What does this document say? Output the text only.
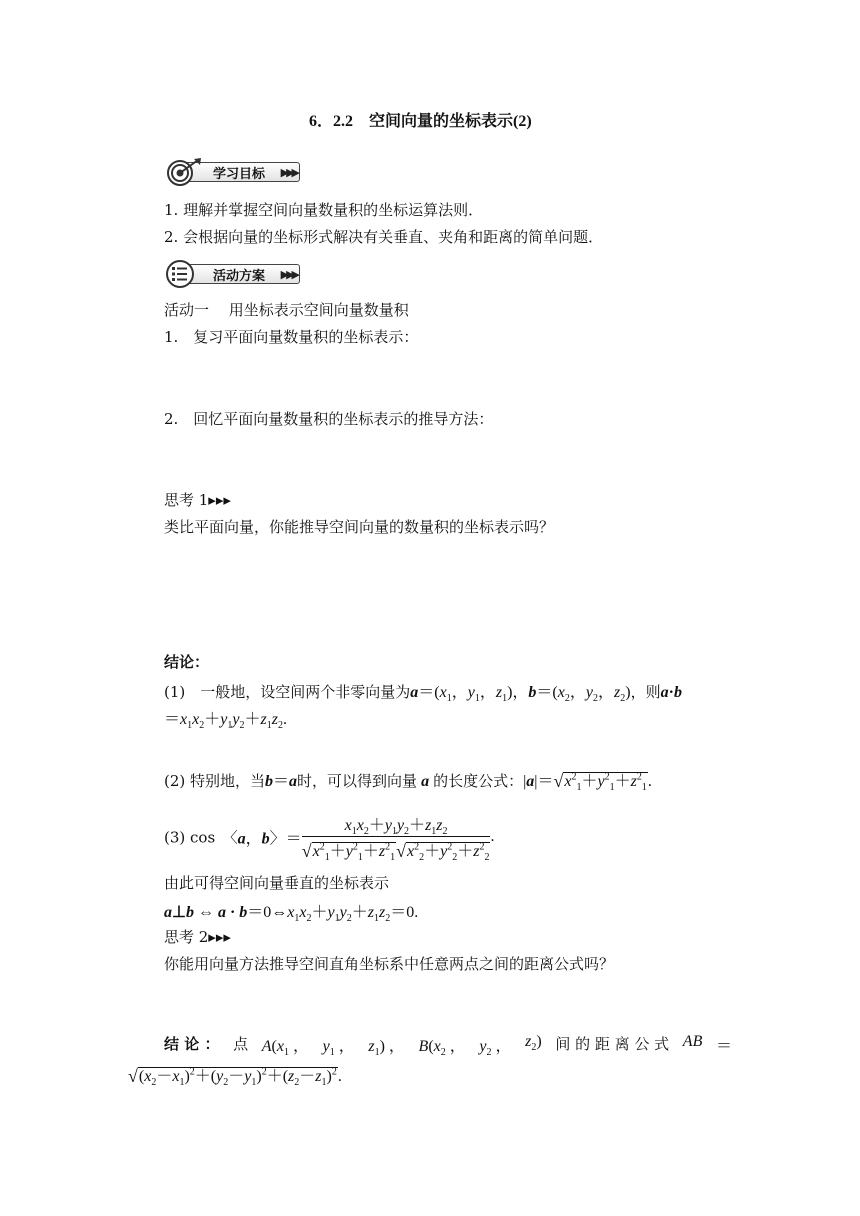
6．2.2　空间向量的坐标表示(2)
学习目标 ▶▶▶
1. 理解并掌握空间向量数量积的坐标运算法则．
2. 会根据向量的坐标形式解决有关垂直、夹角和距离的简单问题．
活动方案 ▶▶▶
活动一　 用坐标表示空间向量数量积
1.　复习平面向量数量积的坐标表示：
2.　回忆平面向量数量积的坐标表示的推导方法：
思考 1▸▸▸
类比平面向量，你能推导空间向量的数量积的坐标表示吗？
结论：
(1)　一般地，设空间两个非零向量为$a=(x_1$，$y_1$，$z_1$)，$b=(x_2$，$y_2$，$z_2$)，则a·b
$=x_1x_2+y_1y_2+z_1z_2$.
(2) 特别地，当b＝a时，可以得到向量 a 的长度公式：$|a|=√x^2_1+y^2_1+z^2_1$.
(3) cos　〈a，b〉＝ $\frac{x_1x_2+y_1y_2+z_1z_2}{√x^2_1+y^2_1+z^2_1√x^2_2+y^2_2+z^2_2}$ .
由此可得空间向量垂直的坐标表示
a⊥b ⇔ $a \cdot b=0\Leftrightarrow x_1x_2+y_1y_2+z_1z_2=0$.
思考 2▸▸▸
你能用向量方法推导空间直角坐标系中任意两点之间的距离公式吗？
结 论 ： 点 $A(x_1$ ， $y_1$ ， $z_1$) ， $B(x_2$ ， $y_2$ ， $z_2$) 间 的 距 离 公 式 AB ＝
$√(x_2-x_1)^2+(y_2-y_1)^2+(z_2-z_1)^2$.
